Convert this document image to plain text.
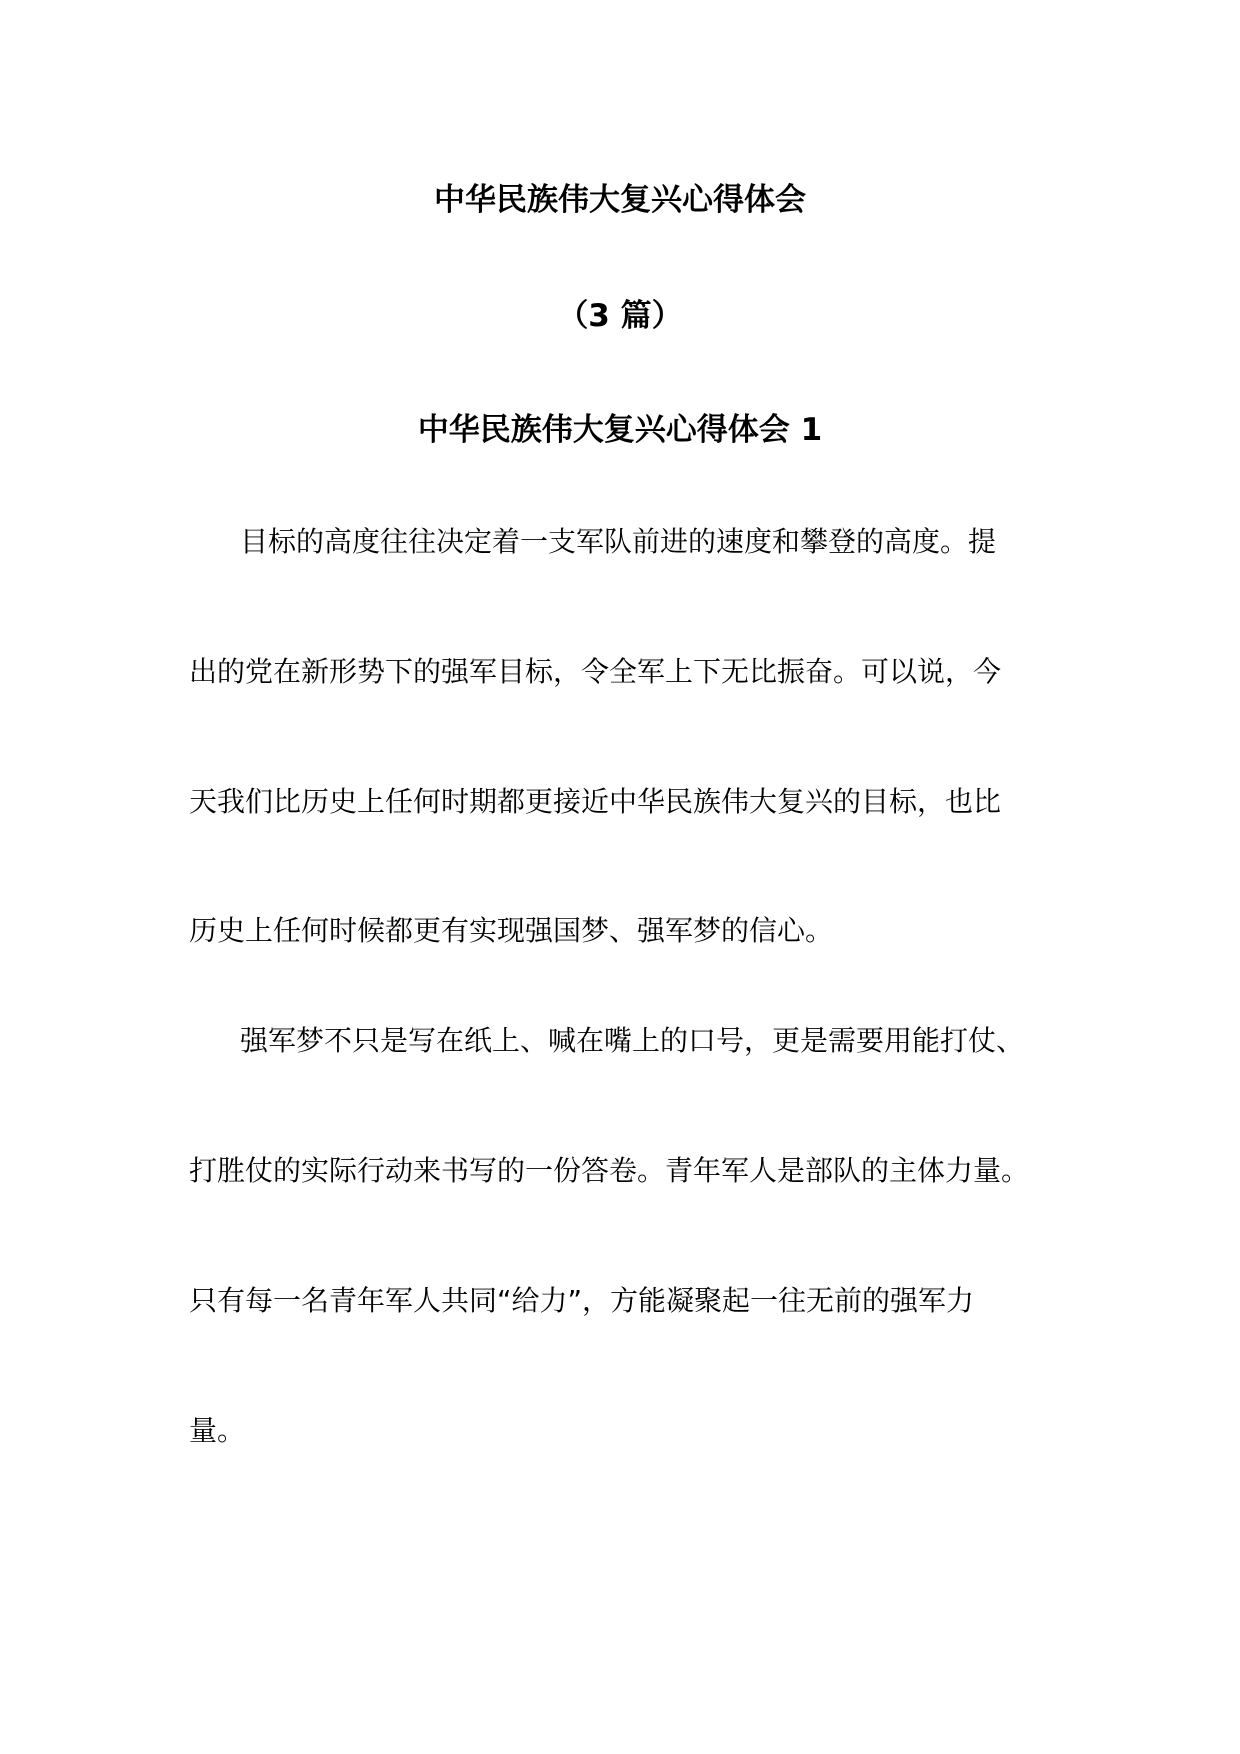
中华民族伟大复兴心得体会
（3 篇）
中华民族伟大复兴心得体会 1
目标的高度往往决定着一支军队前进的速度和攀登的高度。提
出的党在新形势下的强军目标，令全军上下无比振奋。可以说，今
天我们比历史上任何时期都更接近中华民族伟大复兴的目标，也比
历史上任何时候都更有实现强国梦、强军梦的信心。
强军梦不只是写在纸上、喊在嘴上的口号，更是需要用能打仗、
打胜仗的实际行动来书写的一份答卷。青年军人是部队的主体力量。
只有每一名青年军人共同“给力”，方能凝聚起一往无前的强军力
量。
